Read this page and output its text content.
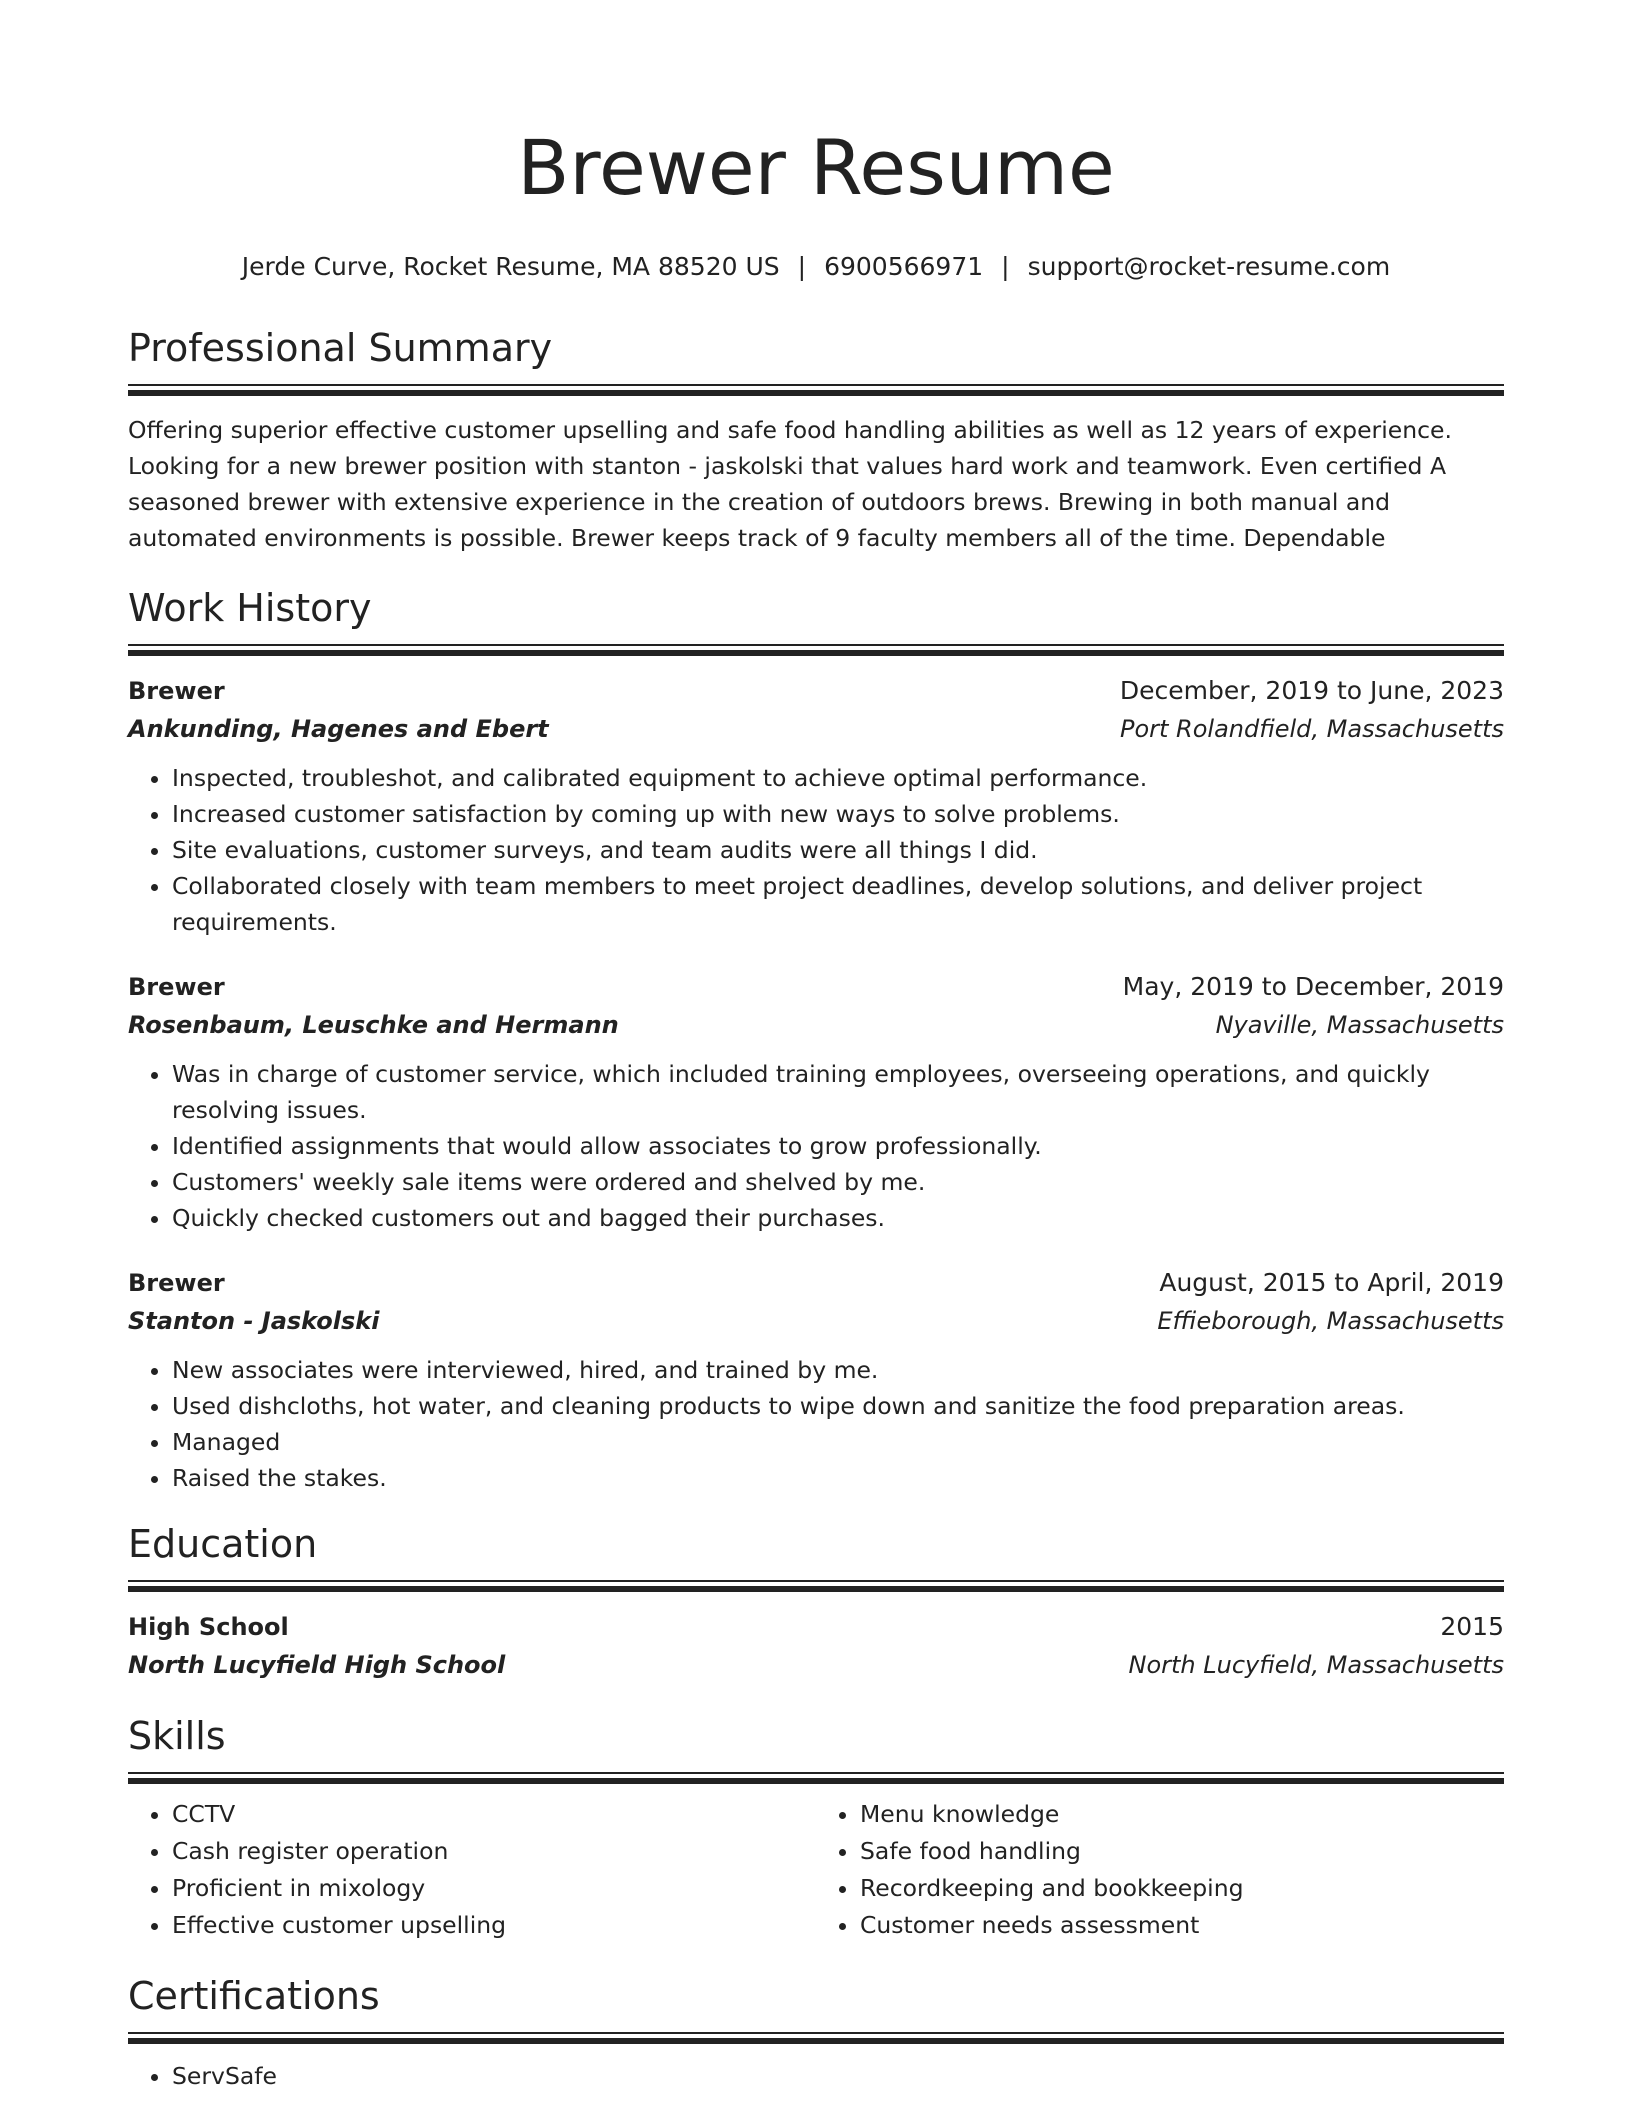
Brewer Resume
Jerde Curve, Rocket Resume, MA 88520 US | 6900566971 | support@rocket-resume.com
Professional Summary
Offering superior effective customer upselling and safe food handling abilities as well as 12 years of experience. Looking for a new brewer position with stanton - jaskolski that values hard work and teamwork. Even certified A seasoned brewer with extensive experience in the creation of outdoors brews. Brewing in both manual and automated environments is possible. Brewer keeps track of 9 faculty members all of the time. Dependable
Work History
Brewer	December, 2019 to June, 2023
Ankunding, Hagenes and Ebert	Port Rolandfield, Massachusetts
• Inspected, troubleshot, and calibrated equipment to achieve optimal performance.
• Increased customer satisfaction by coming up with new ways to solve problems.
• Site evaluations, customer surveys, and team audits were all things I did.
• Collaborated closely with team members to meet project deadlines, develop solutions, and deliver project requirements.
Brewer	May, 2019 to December, 2019
Rosenbaum, Leuschke and Hermann	Nyaville, Massachusetts
• Was in charge of customer service, which included training employees, overseeing operations, and quickly resolving issues.
• Identified assignments that would allow associates to grow professionally.
• Customers' weekly sale items were ordered and shelved by me.
• Quickly checked customers out and bagged their purchases.
Brewer	August, 2015 to April, 2019
Stanton - Jaskolski	Effieborough, Massachusetts
• New associates were interviewed, hired, and trained by me.
• Used dishcloths, hot water, and cleaning products to wipe down and sanitize the food preparation areas.
• Managed
• Raised the stakes.
Education
High School	2015
North Lucyfield High School	North Lucyfield, Massachusetts
Skills
• CCTV
• Cash register operation
• Proficient in mixology
• Effective customer upselling
• Menu knowledge
• Safe food handling
• Recordkeeping and bookkeeping
• Customer needs assessment
Certifications
• ServSafe
